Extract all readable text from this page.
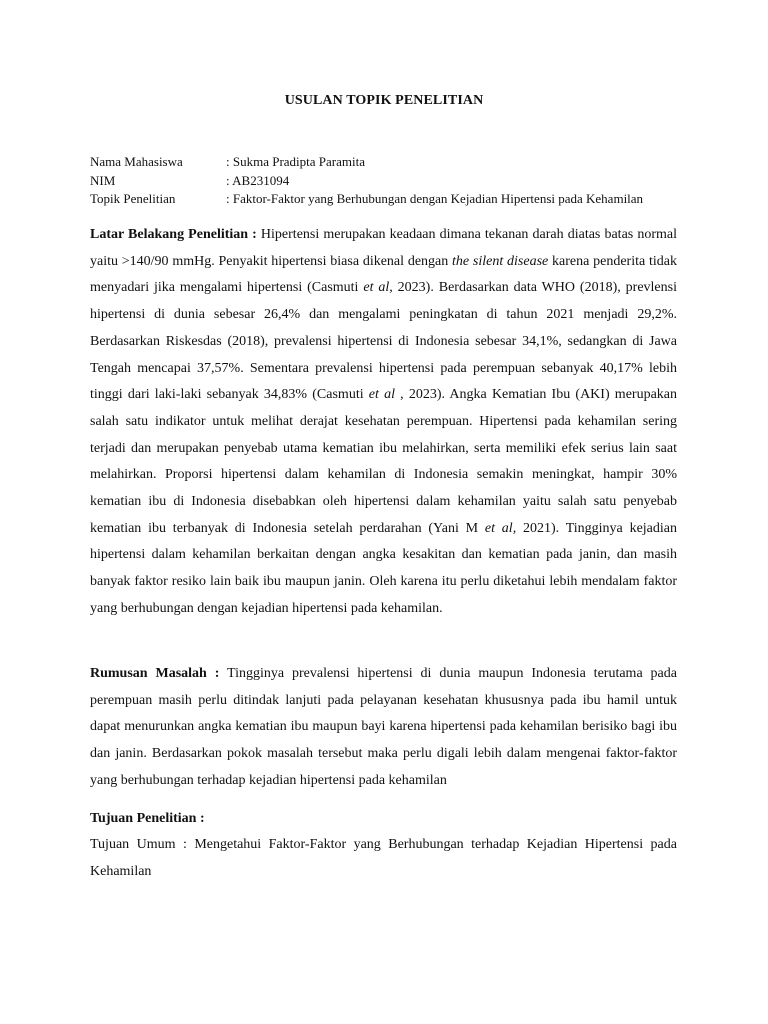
USULAN TOPIK PENELITIAN
Nama Mahasiswa	: Sukma Pradipta Paramita
NIM	: AB231094
Topik Penelitian	: Faktor-Faktor yang Berhubungan dengan Kejadian Hipertensi pada Kehamilan
Latar Belakang Penelitian : Hipertensi merupakan keadaan dimana tekanan darah diatas batas normal yaitu >140/90 mmHg. Penyakit hipertensi biasa dikenal dengan the silent disease karena penderita tidak menyadari jika mengalami hipertensi (Casmuti et al, 2023). Berdasarkan data WHO (2018), prevlensi hipertensi di dunia sebesar 26,4% dan mengalami peningkatan di tahun 2021 menjadi 29,2%. Berdasarkan Riskesdas (2018), prevalensi hipertensi di Indonesia sebesar 34,1%, sedangkan di Jawa Tengah mencapai 37,57%. Sementara prevalensi hipertensi pada perempuan sebanyak 40,17% lebih tinggi dari laki-laki sebanyak 34,83% (Casmuti et al , 2023). Angka Kematian Ibu (AKI) merupakan salah satu indikator untuk melihat derajat kesehatan perempuan. Hipertensi pada kehamilan sering terjadi dan merupakan penyebab utama kematian ibu melahirkan, serta memiliki efek serius lain saat melahirkan. Proporsi hipertensi dalam kehamilan di Indonesia semakin meningkat, hampir 30% kematian ibu di Indonesia disebabkan oleh hipertensi dalam kehamilan yaitu salah satu penyebab kematian ibu terbanyak di Indonesia setelah perdarahan (Yani M et al, 2021). Tingginya kejadian hipertensi dalam kehamilan berkaitan dengan angka kesakitan dan kematian pada janin, dan masih banyak faktor resiko lain baik ibu maupun janin. Oleh karena itu perlu diketahui lebih mendalam faktor yang berhubungan dengan kejadian hipertensi pada kehamilan.
Rumusan Masalah : Tingginya prevalensi hipertensi di dunia maupun Indonesia terutama pada perempuan masih perlu ditindak lanjuti pada pelayanan kesehatan khususnya pada ibu hamil untuk dapat menurunkan angka kematian ibu maupun bayi karena hipertensi pada kehamilan berisiko bagi ibu dan janin. Berdasarkan pokok masalah tersebut maka perlu digali lebih dalam mengenai faktor-faktor yang berhubungan terhadap kejadian hipertensi pada kehamilan
Tujuan Penelitian :
Tujuan Umum : Mengetahui Faktor-Faktor yang Berhubungan terhadap Kejadian Hipertensi pada Kehamilan
